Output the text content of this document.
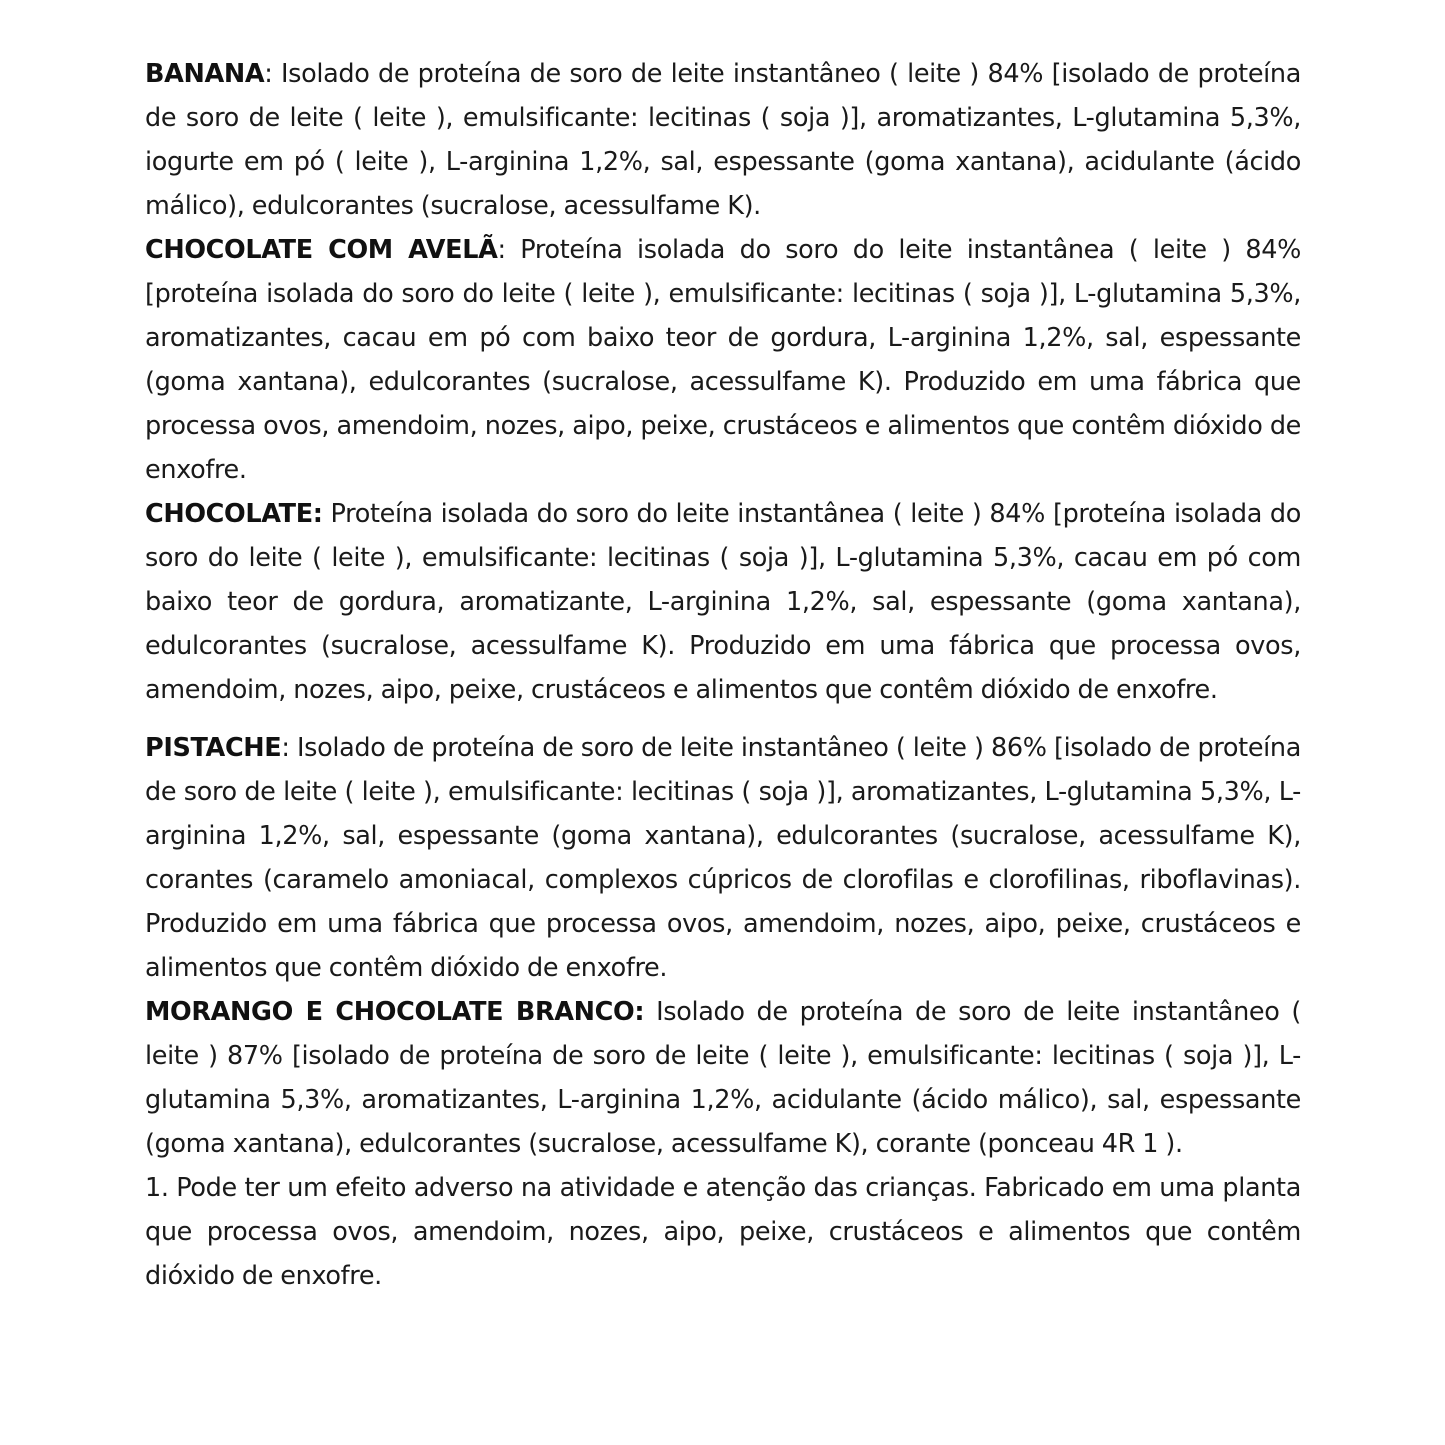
BANANA: Isolado de proteína de soro de leite instantâneo ( leite ) 84% [isolado de proteína de soro de leite ( leite ), emulsificante: lecitinas ( soja )], aromatizantes, L-glutamina 5,3%, iogurte em pó ( leite ), L-arginina 1,2%, sal, espessante (goma xantana), acidulante (ácido málico), edulcorantes (sucralose, acessulfame K).

CHOCOLATE COM AVELÃ: Proteína isolada do soro do leite instantânea ( leite ) 84% [proteína isolada do soro do leite ( leite ), emulsificante: lecitinas ( soja )], L-glutamina 5,3%, aromatizantes, cacau em pó com baixo teor de gordura, L-arginina 1,2%, sal, espessante (goma xantana), edulcorantes (sucralose, acessulfame K). Produzido em uma fábrica que processa ovos, amendoim, nozes, aipo, peixe, crustáceos e alimentos que contêm dióxido de enxofre.

CHOCOLATE: Proteína isolada do soro do leite instantânea ( leite ) 84% [proteína isolada do soro do leite ( leite ), emulsificante: lecitinas ( soja )], L-glutamina 5,3%, cacau em pó com baixo teor de gordura, aromatizante, L-arginina 1,2%, sal, espessante (goma xantana), edulcorantes (sucralose, acessulfame K). Produzido em uma fábrica que processa ovos, amendoim, nozes, aipo, peixe, crustáceos e alimentos que contêm dióxido de enxofre.

PISTACHE: Isolado de proteína de soro de leite instantâneo ( leite ) 86% [isolado de proteína de soro de leite ( leite ), emulsificante: lecitinas ( soja )], aromatizantes, L-glutamina 5,3%, L-arginina 1,2%, sal, espessante (goma xantana), edulcorantes (sucralose, acessulfame K), corantes (caramelo amoniacal, complexos cúpricos de clorofilas e clorofilinas, riboflavinas). Produzido em uma fábrica que processa ovos, amendoim, nozes, aipo, peixe, crustáceos e alimentos que contêm dióxido de enxofre.

MORANGO E CHOCOLATE BRANCO: Isolado de proteína de soro de leite instantâneo ( leite ) 87% [isolado de proteína de soro de leite ( leite ), emulsificante: lecitinas ( soja )], L-glutamina 5,3%, aromatizantes, L-arginina 1,2%, acidulante (ácido málico), sal, espessante (goma xantana), edulcorantes (sucralose, acessulfame K), corante (ponceau 4R 1 ).

1. Pode ter um efeito adverso na atividade e atenção das crianças. Fabricado em uma planta que processa ovos, amendoim, nozes, aipo, peixe, crustáceos e alimentos que contêm dióxido de enxofre.
